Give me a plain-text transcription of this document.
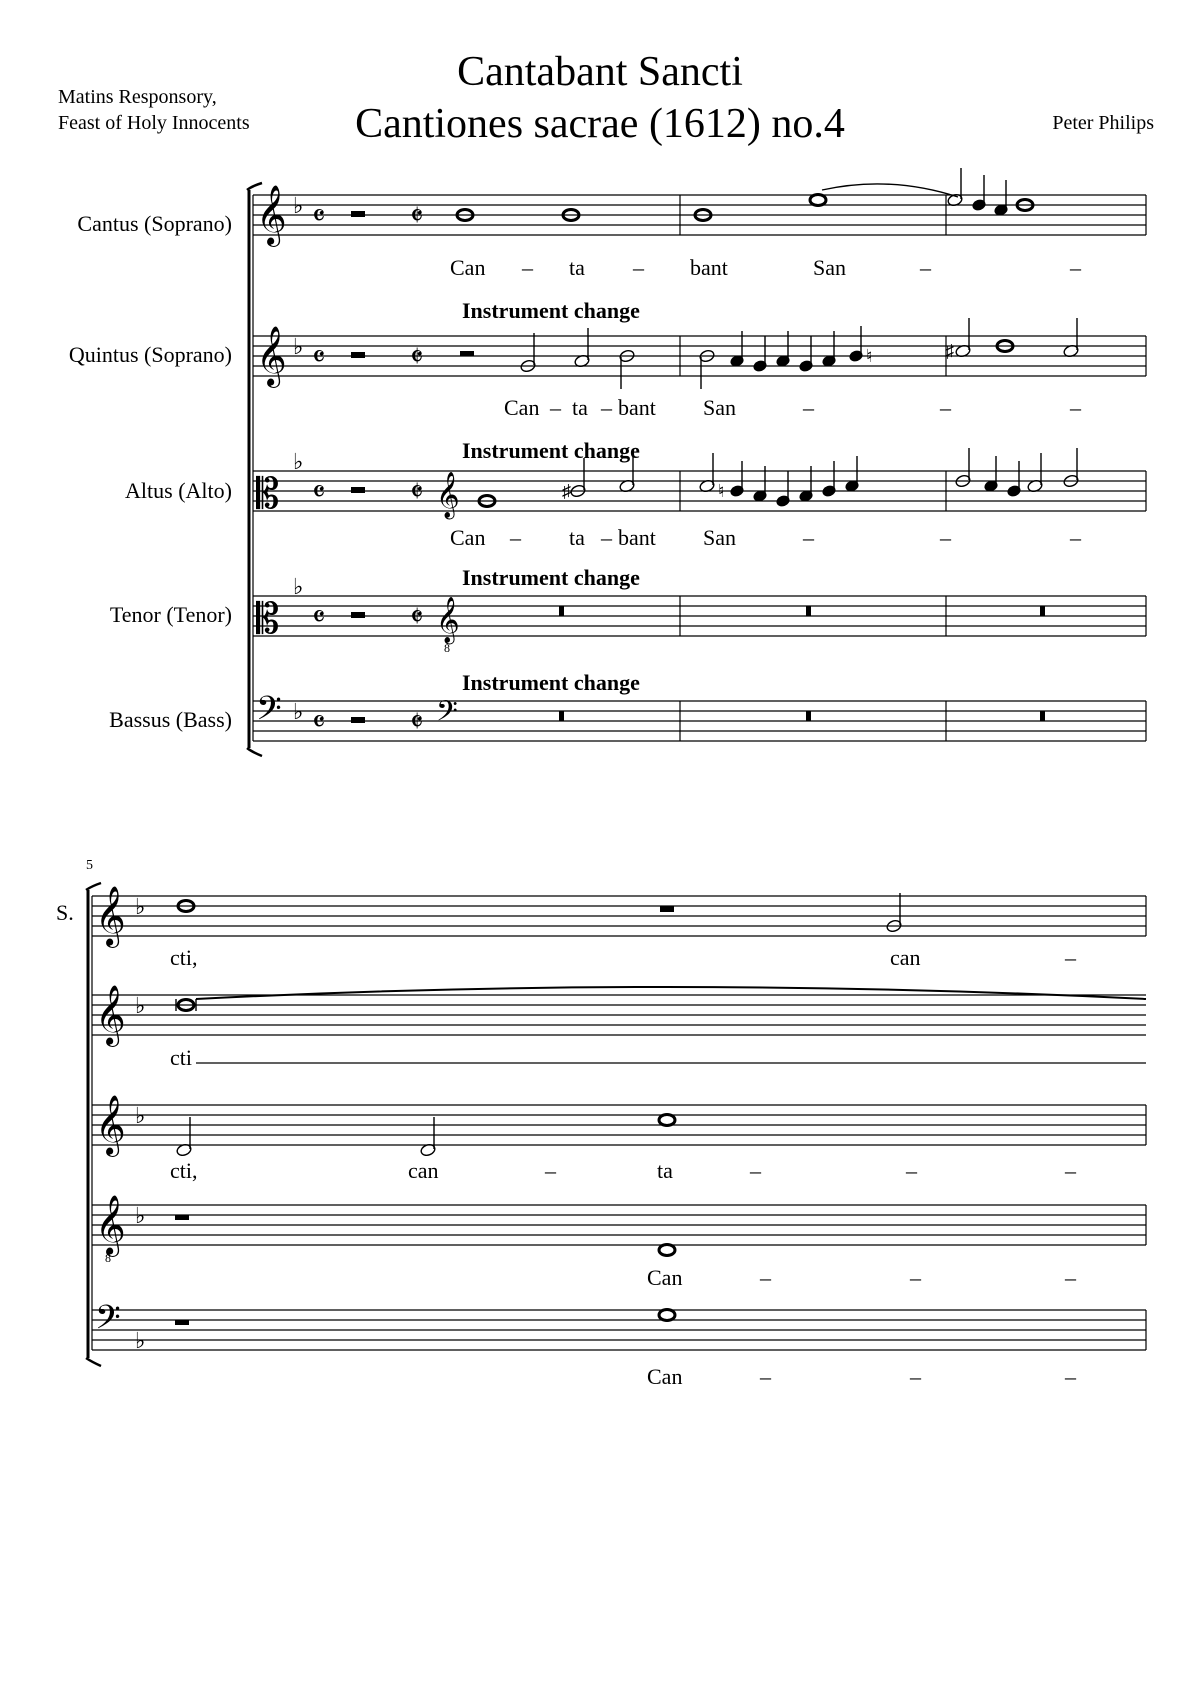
Matins Responsory,
Feast of Holy Innocents
Cantabant Sancti
Cantiones sacrae (1612) no.4	Peter Philips
Cantus (Soprano)
Quintus (Soprano)
Altus (Alto)
Tenor (Tenor)
Bassus (Bass)
5
S.
𝄞
𝄞
𝄡
𝄡
𝄢
♭
♭
♭
♭
♭
𝄴
𝄴
𝄴
𝄴
𝄴
𝄵
𝄵
𝄵
𝄵
𝄵
𝄞
𝄞
8
𝄢
𝄞
𝄞
𝄞
𝄞
8
𝄢
♭
♭
♭
♭
♭
♮	♯
♯	♮
Instrument change
Instrument change
Instrument change
Instrument change
Can – ta – bant	San	–	–
Can – ta – bant San	–	–	–
Can – ta – bant San	–	–	–
cti,	can	–
cti
cti,	can	–	ta	–	–	–
Can	–	–	–
Can	–	–	–
